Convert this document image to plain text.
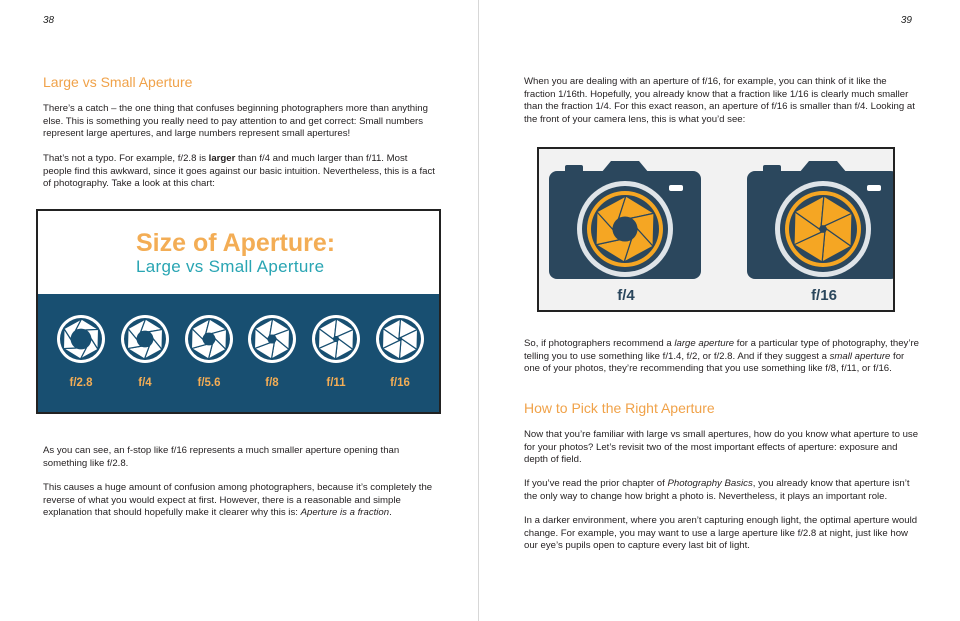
38
Large vs Small Aperture

There’s a catch – the one thing that confuses beginning photographers more than anything else. This is something you really need to pay attention to and get correct: Small numbers represent large apertures, and large numbers represent small apertures!

That’s not a typo. For example, f/2.8 is larger than f/4 and much larger than f/11. Most people find this awkward, since it goes against our basic intuition. Nevertheless, this is a fact of photography. Take a look at this chart:

Size of Aperture:
Large vs Small Aperture
f/2.8	f/4	f/5.6	f/8	f/11	f/16

As you can see, an f-stop like f/16 represents a much smaller aperture opening than something like f/2.8.

This causes a huge amount of confusion among photographers, because it’s completely the reverse of what you would expect at first. However, there is a reasonable and simple explanation that should hopefully make it clearer why this is: Aperture is a fraction.

39

When you are dealing with an aperture of f/16, for example, you can think of it like the fraction 1/16th. Hopefully, you already know that a fraction like 1/16 is clearly much smaller than the fraction 1/4. For this exact reason, an aperture of f/16 is smaller than f/4. Looking at the front of your camera lens, this is what you’d see:

f/4	f/16

So, if photographers recommend a large aperture for a particular type of photography, they’re telling you to use something like f/1.4, f/2, or f/2.8. And if they suggest a small aperture for one of your photos, they’re recommending that you use something like f/8, f/11, or f/16.

How to Pick the Right Aperture

Now that you’re familiar with large vs small apertures, how do you know what aperture to use for your photos? Let’s revisit two of the most important effects of aperture: exposure and depth of field.

If you’ve read the prior chapter of Photography Basics, you already know that aperture isn’t the only way to change how bright a photo is. Nevertheless, it plays an important role.

In a darker environment, where you aren’t capturing enough light, the optimal aperture would change. For example, you may want to use a large aperture like f/2.8 at night, just like how our eye’s pupils open to capture every last bit of light.
